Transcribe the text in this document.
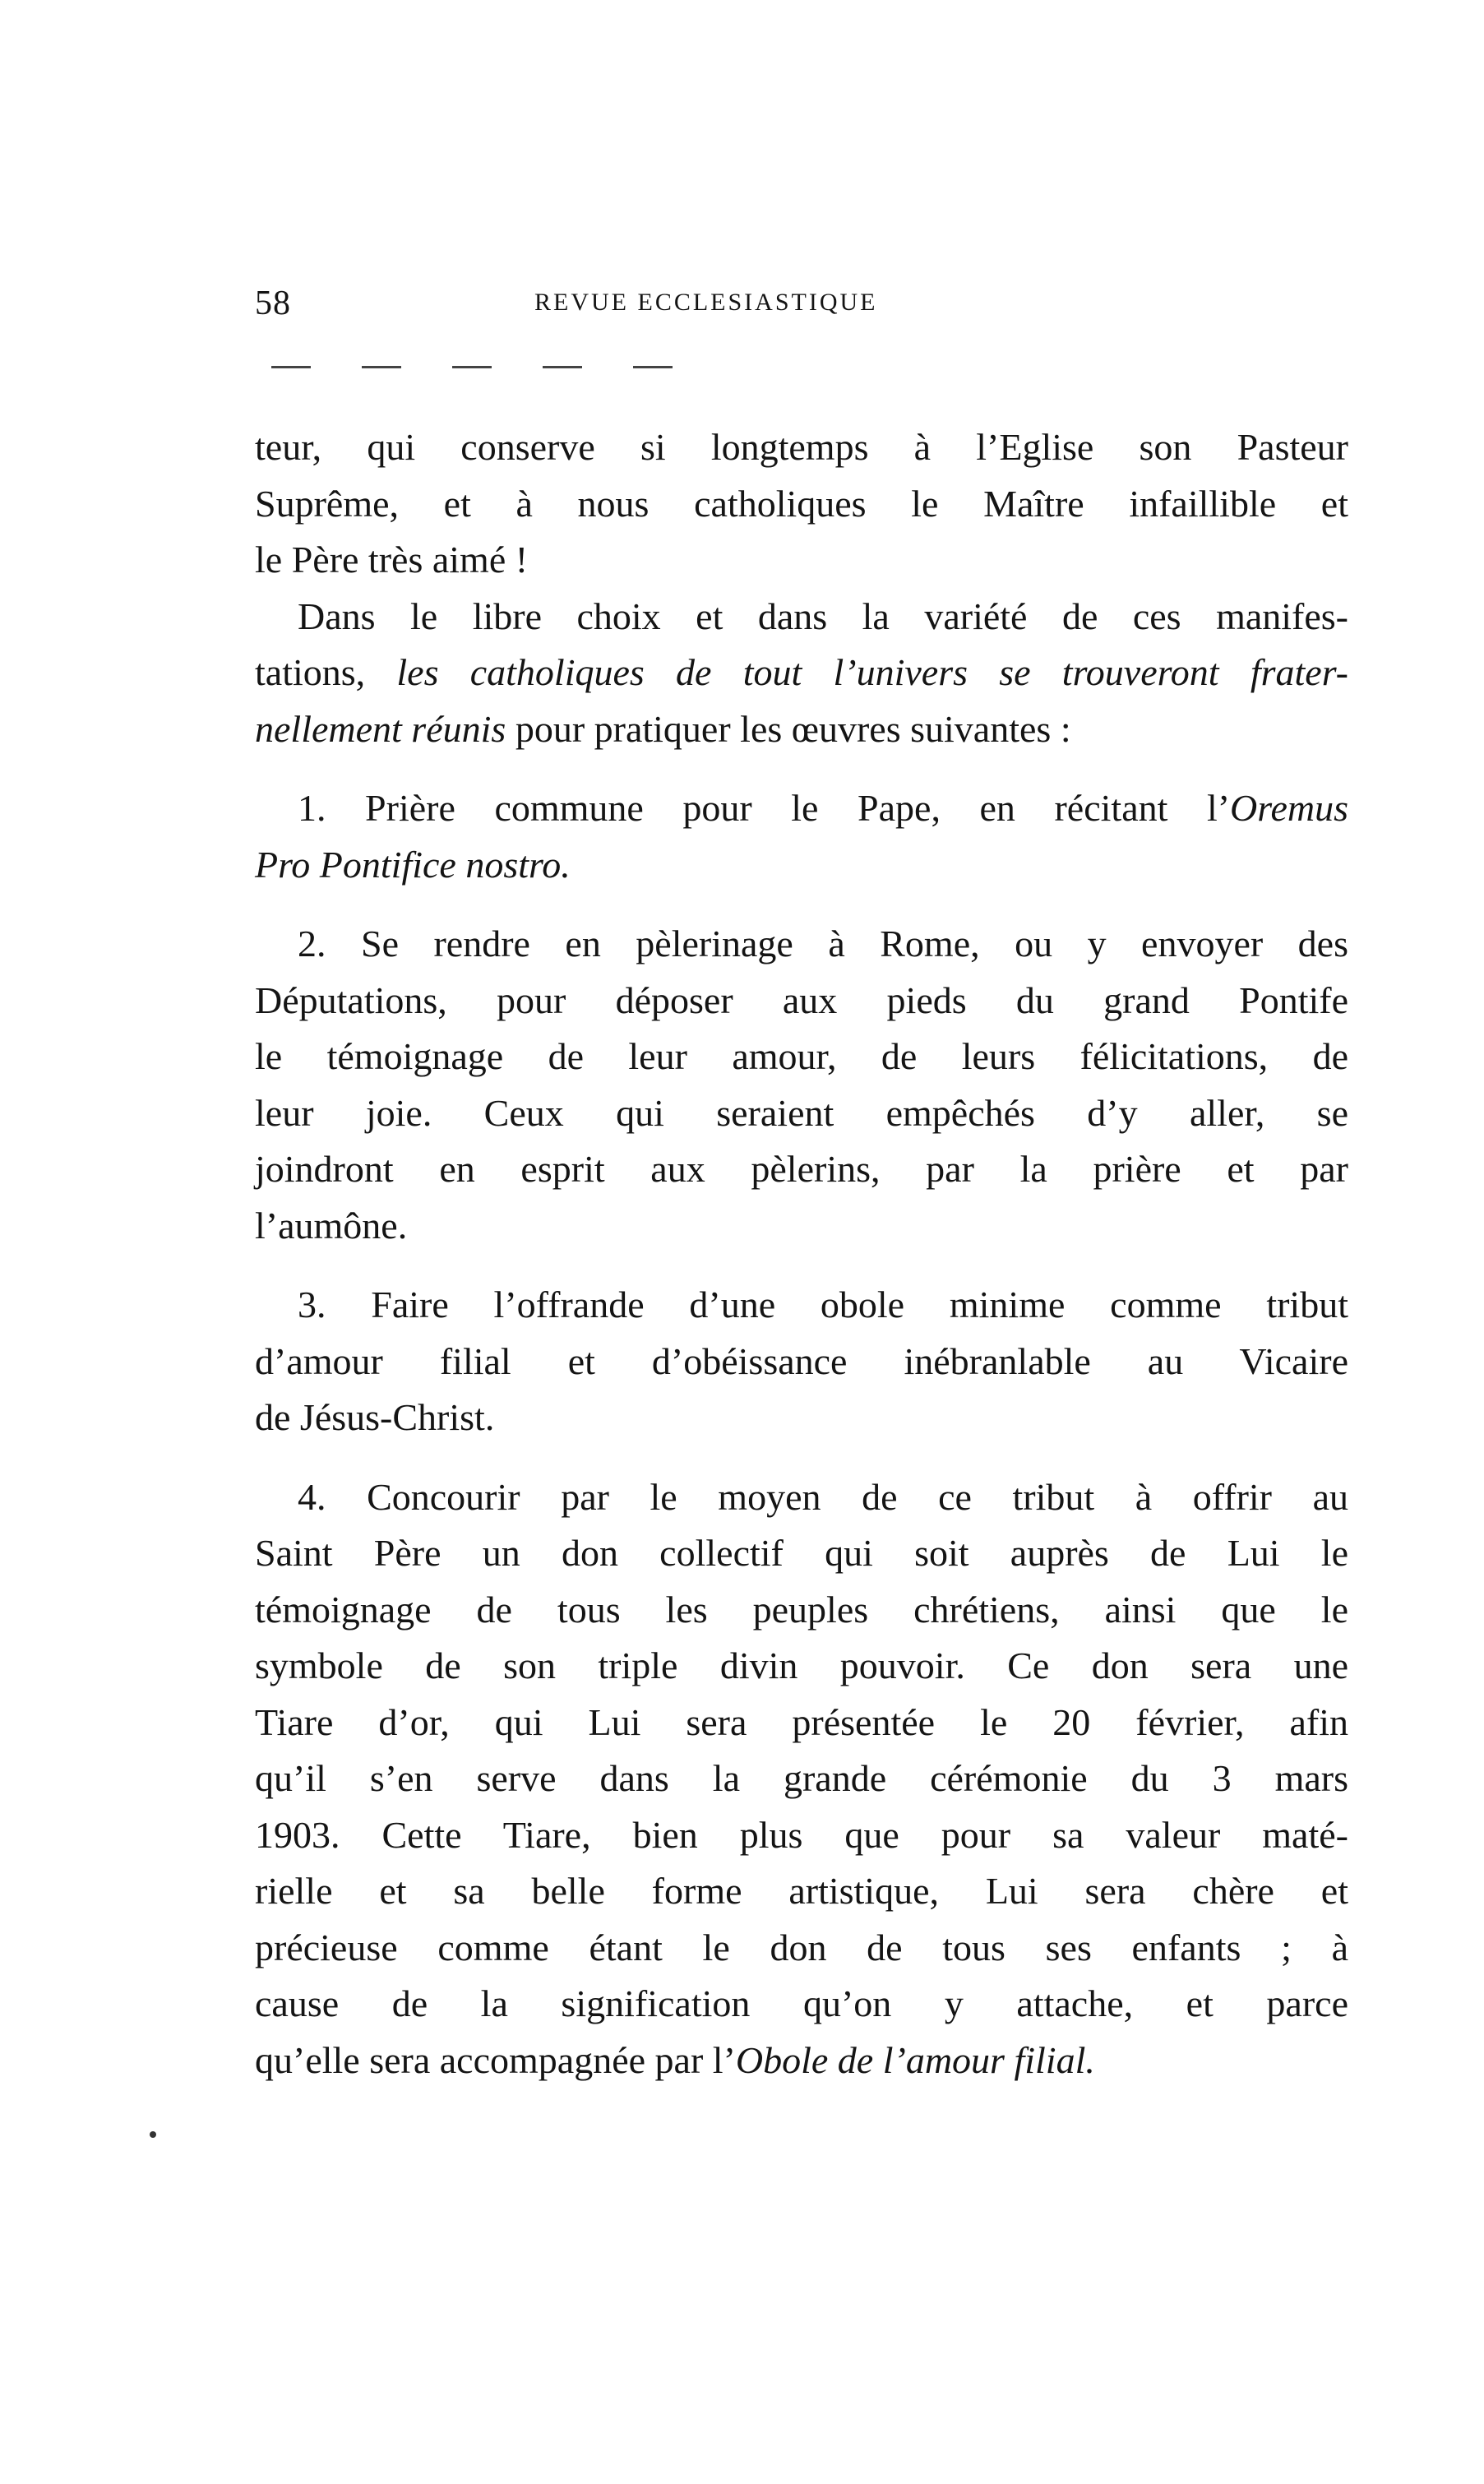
58	REVUE ECCLESIASTIQUE

teur, qui conserve si longtemps à l’Eglise son Pasteur
Suprême, et à nous catholiques le Maître infaillible et
le Père très aimé !

Dans le libre choix et dans la variété de ces manifes-
tations, les catholiques de tout l’univers se trouveront frater-
nellement réunis pour pratiquer les œuvres suivantes :

1. Prière commune pour le Pape, en récitant l’Oremus
Pro Pontifice nostro.

2. Se rendre en pèlerinage à Rome, ou y envoyer des
Députations, pour déposer aux pieds du grand Pontife
le témoignage de leur amour, de leurs félicitations, de
leur joie. Ceux qui seraient empêchés d’y aller, se
joindront en esprit aux pèlerins, par la prière et par
l’aumône.

3. Faire l’offrande d’une obole minime comme tribut
d’amour filial et d’obéissance inébranlable au Vicaire
de Jésus-Christ.

4. Concourir par le moyen de ce tribut à offrir au
Saint Père un don collectif qui soit auprès de Lui le
témoignage de tous les peuples chrétiens, ainsi que le
symbole de son triple divin pouvoir. Ce don sera une
Tiare d’or, qui Lui sera présentée le 20 février, afin
qu’il s’en serve dans la grande cérémonie du 3 mars
1903. Cette Tiare, bien plus que pour sa valeur maté-
rielle et sa belle forme artistique, Lui sera chère et
précieuse comme étant le don de tous ses enfants ; à
cause de la signification qu’on y attache, et parce
qu’elle sera accompagnée par l’Obole de l’amour filial.
